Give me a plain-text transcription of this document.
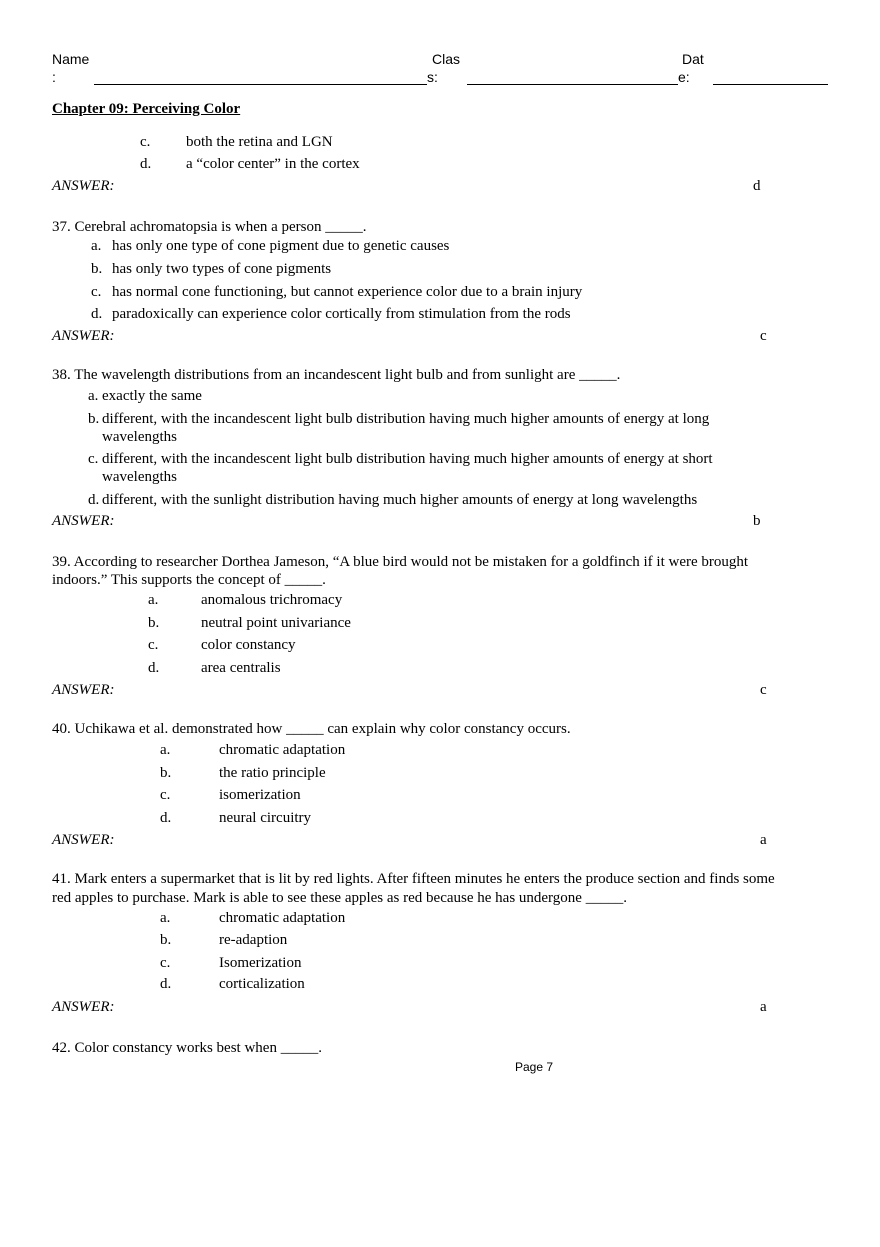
Name
:
Clas
s:
Dat
e:
Chapter 09: Perceiving Color
c. both the retina and LGN
d. a “color center” in the cortex
ANSWER:	d
37. Cerebral achromatopsia is when a person _____.
a. has only one type of cone pigment due to genetic causes
b. has only two types of cone pigments
c. has normal cone functioning, but cannot experience color due to a brain injury
d. paradoxically can experience color cortically from stimulation from the rods
ANSWER:	c
38. The wavelength distributions from an incandescent light bulb and from sunlight are _____.
a. exactly the same
b. different, with the incandescent light bulb distribution having much higher amounts of energy at long
wavelengths
c. different, with the incandescent light bulb distribution having much higher amounts of energy at short
wavelengths
d. different, with the sunlight distribution having much higher amounts of energy at long wavelengths
ANSWER:	b
39. According to researcher Dorthea Jameson, “A blue bird would not be mistaken for a goldfinch if it were brought
indoors.” This supports the concept of _____.
a.	anomalous trichromacy
b.	neutral point univariance
c.	color constancy
d.	area centralis
ANSWER:	c
40. Uchikawa et al. demonstrated how _____ can explain why color constancy occurs.
a.	chromatic adaptation
b.	the ratio principle
c.	isomerization
d.	neural circuitry
ANSWER:	a
41. Mark enters a supermarket that is lit by red lights. After fifteen minutes he enters the produce section and finds some
red apples to purchase. Mark is able to see these apples as red because he has undergone _____.
a.	chromatic adaptation
b.	re-adaption
c.	Isomerization
d.	corticalization
ANSWER:	a
42. Color constancy works best when _____.
Page 7
